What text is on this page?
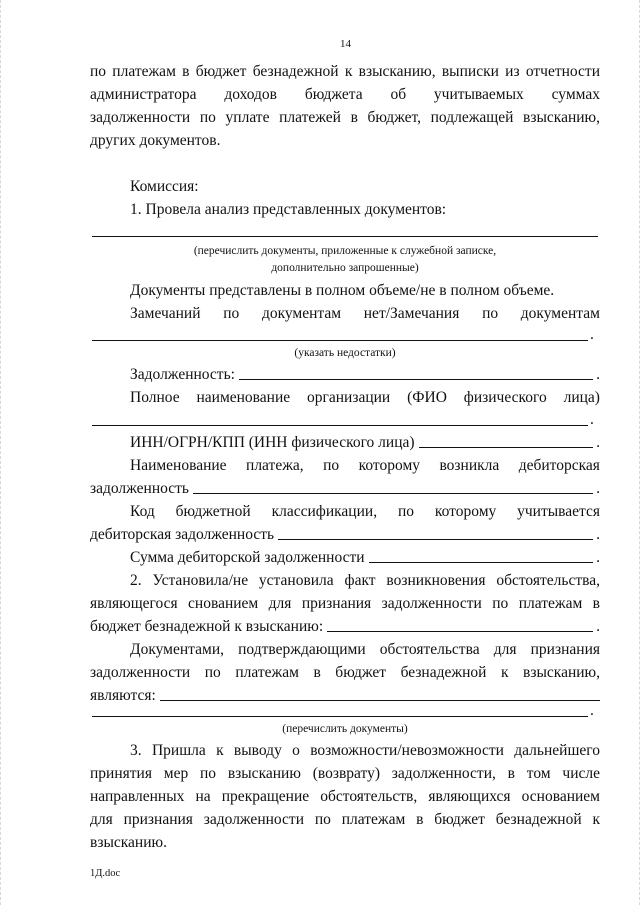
14
по платежам в бюджет безнадежной к взысканию, выписки из отчетности
администратора доходов бюджета об учитываемых суммах
задолженности по уплате платежей в бюджет, подлежащей взысканию,
других документов.
Комиссия:
1. Провела анализ представленных документов:
(перечислить документы, приложенные к служебной записке,
дополнительно запрошенные)
Документы представлены в полном объеме/не в полном объеме.
Замечаний по документам нет/Замечания по документам
.
(указать недостатки)
Задолженность:	.
Полное наименование организации (ФИО физического лица)
.
ИНН/ОГРН/КПП (ИНН физического лица)	.
Наименование платежа, по которому возникла дебиторская
задолженность	.
Код бюджетной классификации, по которому учитывается
дебиторская задолженность	.
Сумма дебиторской задолженности	.
2. Установила/не установила факт возникновения обстоятельства,
являющегося снованием для признания задолженности по платежам в
бюджет безнадежной к взысканию:	.
Документами, подтверждающими обстоятельства для признания
задолженности по платежам в бюджет безнадежной к взысканию,
являются:
.
(перечислить документы)
3. Пришла к выводу о возможности/невозможности дальнейшего
принятия мер по взысканию (возврату) задолженности, в том числе
направленных на прекращение обстоятельств, являющихся основанием
для признания задолженности по платежам в бюджет безнадежной к
взысканию.
1Д.doc
